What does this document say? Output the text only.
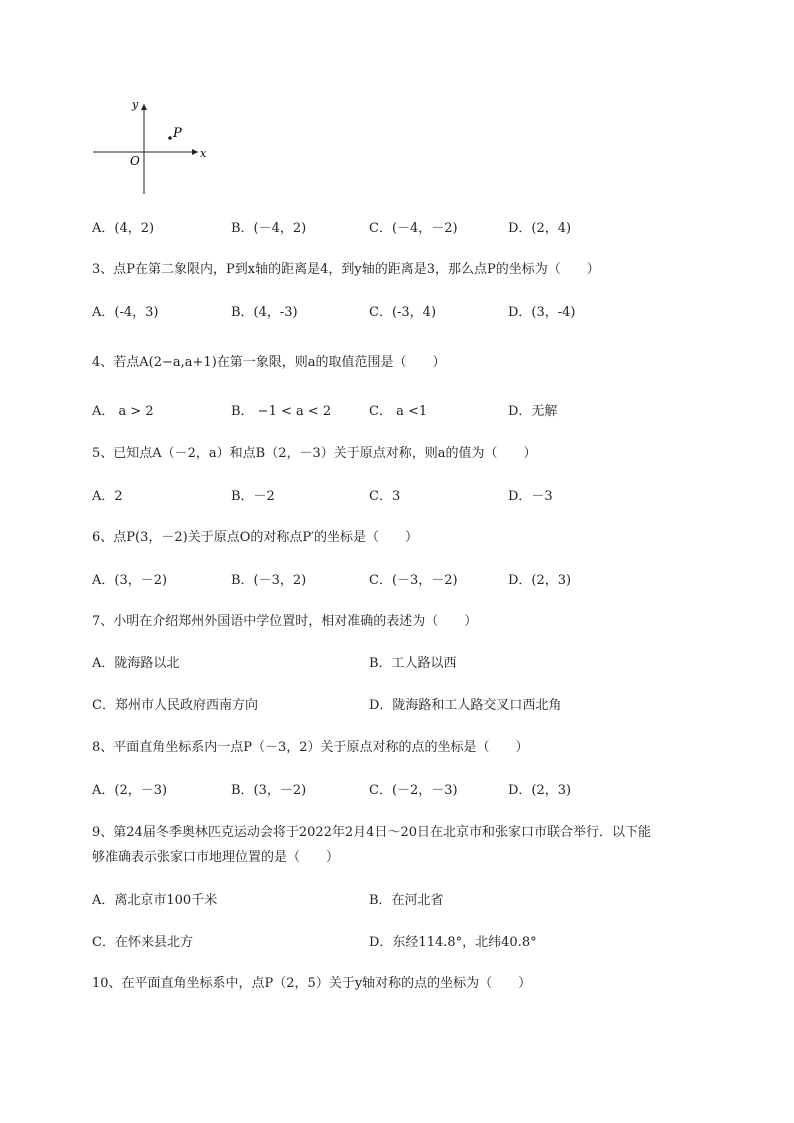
y
x
O
P
A．(4，2)	B．(－4，2)	C．(－4，－2)	D．(2，4)
3、点P在第二象限内，P到x轴的距离是4，到y轴的距离是3，那么点P的坐标为（　　）
A．(-4，3)	B．(4，-3)	C．(-3，4)	D．(3，-4)
4、若点A(2−a,a+1)在第一象限，则a的取值范围是（　　）
A． a > 2	B． −1 < a < 2	C． a <1	D．无解
5、已知点A（－2，a）和点B（2，－3）关于原点对称，则a的值为（　　）
A．2	B．－2	C．3	D．－3
6、点P(3，－2)关于原点O的对称点P′的坐标是（　　）
A．(3，－2)	B．(－3，2)	C．(－3，－2)	D．(2，3)
7、小明在介绍郑州外国语中学位置时，相对准确的表述为（　　）
A．陇海路以北	B．工人路以西
C．郑州市人民政府西南方向	D．陇海路和工人路交叉口西北角
8、平面直角坐标系内一点P（－3，2）关于原点对称的点的坐标是（　　）
A．(2，－3)	B．(3，－2)	C．(－2，－3)	D．(2，3)
9、第24届冬季奥林匹克运动会将于2022年2月4日～20日在北京市和张家口市联合举行．以下能
够准确表示张家口市地理位置的是（　　）
A．离北京市100千米	B．在河北省
C．在怀来县北方	D．东经114.8°，北纬40.8°
10、在平面直角坐标系中，点P（2，5）关于y轴对称的点的坐标为（　　）
